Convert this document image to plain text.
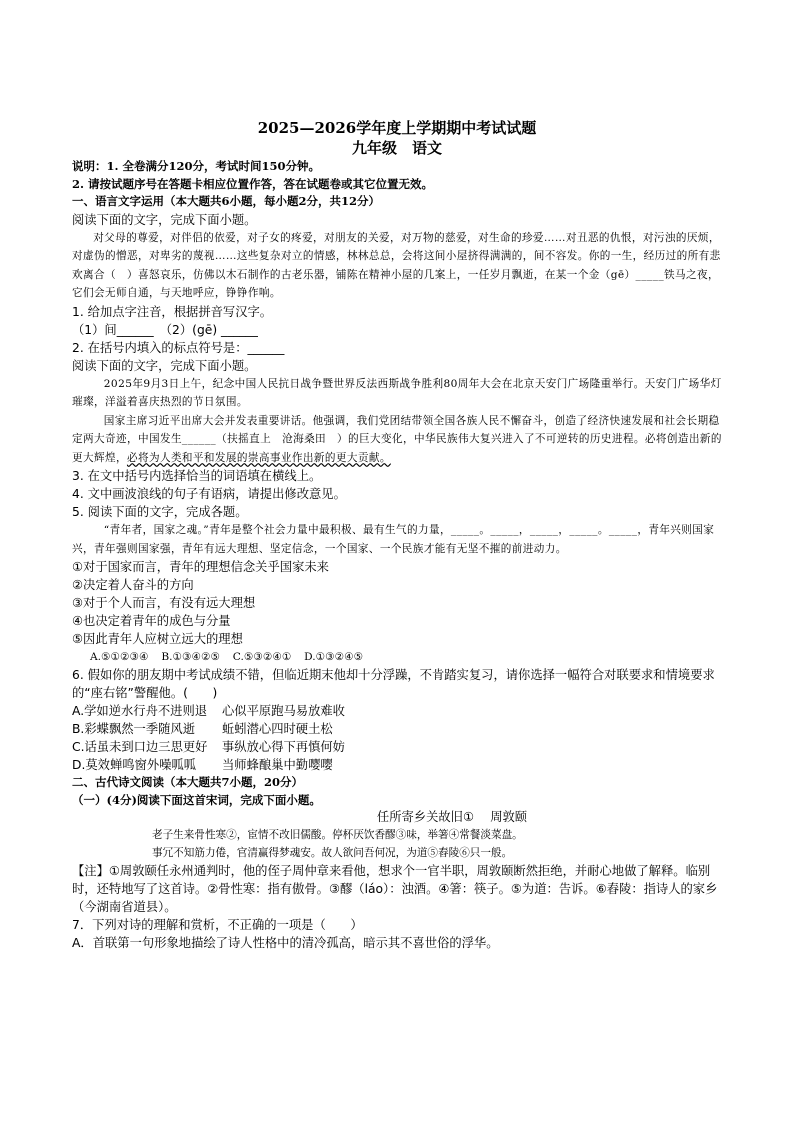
2025—2026学年度上学期期中考试试题
九年级　语文
说明：1. 全卷满分120分，考试时间150分钟。
2. 请按试题序号在答题卡相应位置作答，答在试题卷或其它位置无效。
一、语言文字运用（本大题共6小题，每小题2分，共12分）
阅读下面的文字，完成下面小题。
对父母的尊爱，对伴侣的依爱，对子女的疼爱，对朋友的关爱，对万物的慈爱，对生命的珍爱……对丑恶的仇恨，对污浊的厌烦，对虚伪的憎恶，对卑劣的蔑视……这些复杂对立的情感，林林总总，会将这间小屋挤得满满的，间不容发。你的一生，经历过的所有悲欢离合（　）喜怒哀乐，仿佛以木石制作的古老乐器，铺陈在精神小屋的几案上，一任岁月飘逝，在某一个金（gē）_____铁马之夜，它们会无师自通，与天地呼应，铮铮作响。
1. 给加点字注音，根据拼音写汉字。
（1）间______　（2）(gē) ______
2. 在括号内填入的标点符号是：______
阅读下面的文字，完成下面小题。
2025年9月3日上午，纪念中国人民抗日战争暨世界反法西斯战争胜利80周年大会在北京天安门广场隆重举行。天安门广场华灯璀璨，洋溢着喜庆热烈的节日氛围。
国家主席习近平出席大会并发表重要讲话。他强调，我们党团结带领全国各族人民不懈奋斗，创造了经济快速发展和社会长期稳定两大奇迹，中国发生______（扶摇直上　沧海桑田　）的巨大变化，中华民族伟大复兴进入了不可逆转的历史进程。必将创造出新的更大辉煌，必将为人类和平和发展的崇高事业作出新的更大贡献。
3. 在文中括号内选择恰当的词语填在横线上。
4. 文中画波浪线的句子有语病，请提出修改意见。
5. 阅读下面的文字，完成各题。
“青年者，国家之魂。”青年是整个社会力量中最积极、最有生气的力量，_____。_____，_____，_____。_____，青年兴则国家兴，青年强则国家强，青年有远大理想、坚定信念，一个国家、一个民族才能有无坚不摧的前进动力。
①对于国家而言，青年的理想信念关乎国家未来
②决定着人奋斗的方向
③对于个人而言，有没有远大理想
④也决定着青年的成色与分量
⑤因此青年人应树立远大的理想
A.⑤①②③④ B.①③④②⑤ C.⑤③②④① D.①③②④⑤
6. 假如你的朋友期中考试成绩不错，但临近期末他却十分浮躁，不肯踏实复习，请你选择一幅符合对联要求和情境要求的“座右铭”警醒他。(　　)
A.学如逆水行舟不进则退	心似平原跑马易放难收
B.彩蝶飘然一季随风逝	蚯蚓潜心四时硬土松
C.话虽未到口边三思更好	事纵放心得下再慎何妨
D.莫效蝉鸣窗外噪呱呱	当师蜂酿巢中勤嘤嘤
二、古代诗文阅读（本大题共7小题，20分）
（一）(4分)阅读下面这首宋词，完成下面小题。
任所寄乡关故旧① 　周敦颐
老子生来骨性寒②，宦情不改旧儒酸。停杯厌饮香醪③味，举箸④常餐淡菜盘。
事冗不知筋力倦，官清赢得梦魂安。故人欲问吾何况，为道⑤舂陵⑥只一般。
【注】①周敦颐任永州通判时，他的侄子周仲章来看他，想求个一官半职，周敦颐断然拒绝，并耐心地做了解释。临别时，还特地写了这首诗。②骨性寒：指有傲骨。③醪（láo）：浊酒。④箸：筷子。⑤为道：告诉。⑥舂陵：指诗人的家乡（今湖南省道县）。
7．下列对诗的理解和赏析，不正确的一项是（　　）
A．首联第一句形象地描绘了诗人性格中的清冷孤高，暗示其不喜世俗的浮华。
